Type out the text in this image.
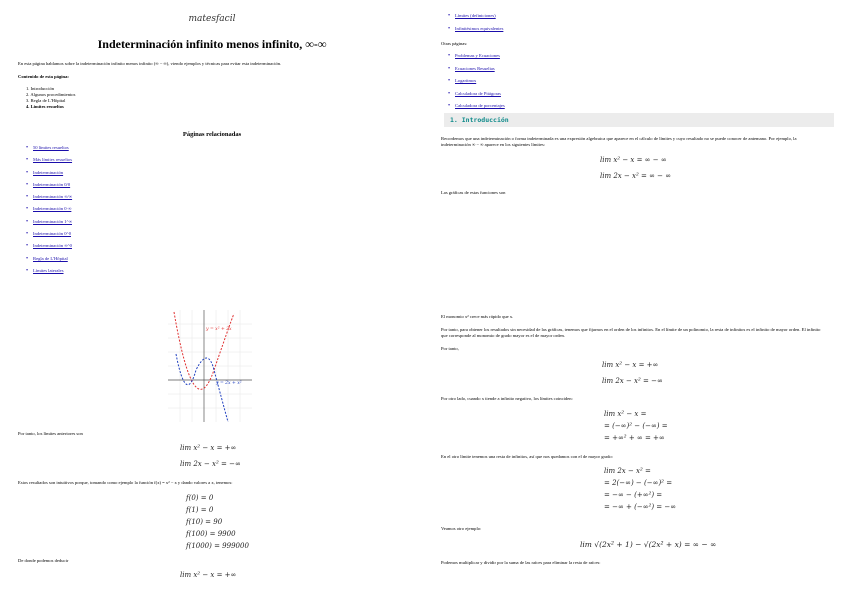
matesfacil
Indeterminación infinito menos infinito, ∞-∞
En esta página hablamos sobre la indeterminación infinito menos infinito (∞ − ∞), viendo ejemplos y técnicas para evitar esta indeterminación.
Contenido de esta página:
1. Introducción
2. Algunos procedimientos
3. Regla de L'Hôpital
4. Límites resueltos
Páginas relacionadas
• 50 límites resueltos
• Más límites resueltos
• Indeterminación
• Indeterminación 0/0
• Indeterminación ∞/∞
• Indeterminación 0·∞
• Indeterminación 1^∞
• Indeterminación 0^0
• Indeterminación ∞^0
• Regla de L'Hôpital
• Límites laterales
y = x² + 3x
y = 2x + x²
Por tanto, los límites anteriores son
lim x² − x = +∞
lim 2x − x² = −∞
Estos resultados son intuitivos porque, tomando como ejemplo la función f(x) = x² − x y dando valores a x, tenemos:
f(0) = 0
f(1) = 0
f(10) = 90
f(100) = 9900
f(1000) = 999000
De donde podemos deducir
lim x² − x = +∞
• Límites (definiciones)
• Infinitésimos equivalentes
Otras páginas:
• Problemas y Ecuaciones
• Ecuaciones Resueltas
• Logaritmos
• Calculadora de Pitágoras
• Calculadora de porcentajes
1. Introducción
Recordemos que una indeterminación o forma indeterminada es una expresión algebraica que aparece en el cálculo de límites y cuyo resultado no se puede conocer de antemano. Por ejemplo, la indeterminación ∞ − ∞ aparece en los siguientes límites:
lim x² − x = ∞ − ∞
lim 2x − x² = ∞ − ∞
Las gráficas de estas funciones son
El monomio x² crece más rápido que x.
Por tanto, para obtener los resultados sin necesidad de las gráficas, tenemos que fijarnos en el orden de los infinitos. En el límite de un polinomio, la resta de infinitos es el infinito de mayor orden. El infinito que corresponde al monomio de grado mayor es el de mayor orden.
Por tanto,
lim x² − x = +∞
lim 2x − x² = −∞
Por otro lado, cuando x tiende a infinito negativo, los límites coinciden:
lim x² − x =
= (−∞)² − (−∞) =
= +∞² + ∞ = +∞
En el otro límite tenemos una resta de infinitos, así que nos quedamos con el de mayor grado:
lim 2x − x² =
= 2(−∞) − (−∞)² =
= −∞ − (+∞²) =
= −∞ + (−∞²) = −∞
Veamos otro ejemplo:
lim √(2x² + 1) − √(2x² + x) = ∞ − ∞
Podemos multiplicar y dividir por la suma de las raíces para eliminar la resta de raíces:
